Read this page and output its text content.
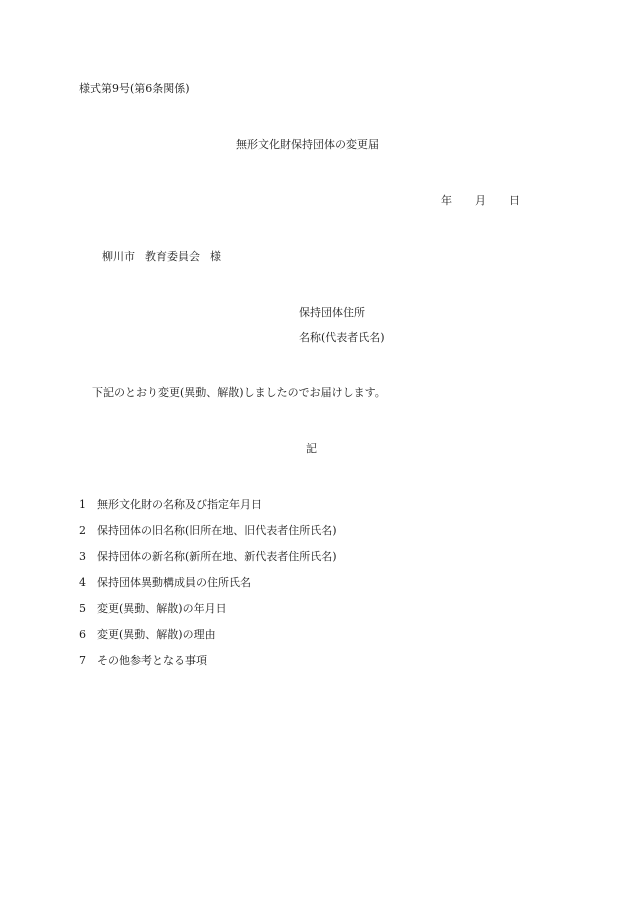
様式第9号(第6条関係)
無形文化財保持団体の変更届
年 月 日
柳川市 教育委員会 様
保持団体住所
名称(代表者氏名)
下記のとおり変更(異動、解散)しましたのでお届けします。
記
1 無形文化財の名称及び指定年月日
2 保持団体の旧名称(旧所在地、旧代表者住所氏名)
3 保持団体の新名称(新所在地、新代表者住所氏名)
4 保持団体異動構成員の住所氏名
5 変更(異動、解散)の年月日
6 変更(異動、解散)の理由
7 その他参考となる事項
